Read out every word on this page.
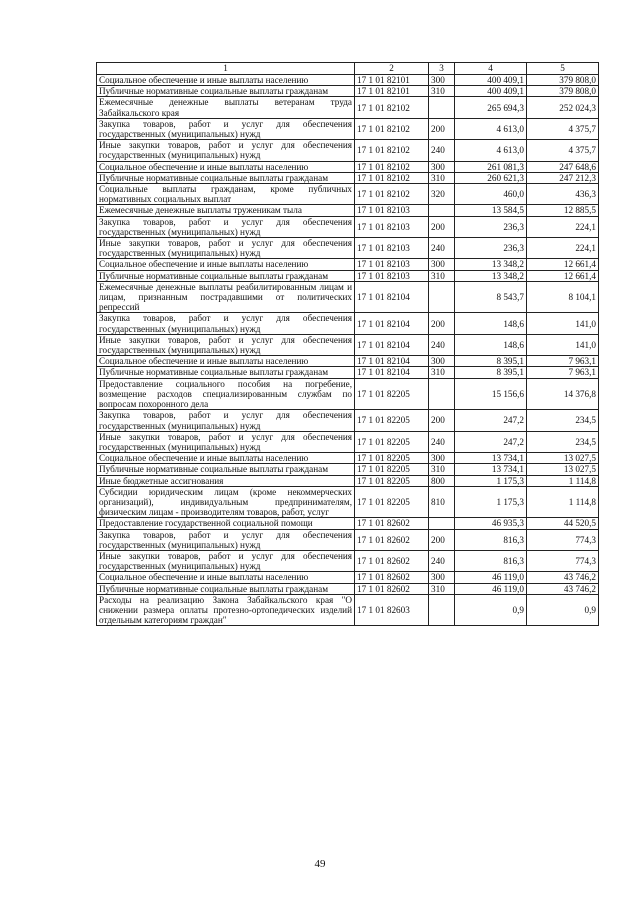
1	2	3	4	5
Социальное обеспечение и иные выплаты населению	17 1 01 82101	300	400 409,1	379 808,0
Публичные нормативные социальные выплаты гражданам	17 1 01 82101	310	400 409,1	379 808,0
Ежемесячные денежные выплаты ветеранам труда Забайкальского края	17 1 01 82102		265 694,3	252 024,3
Закупка товаров, работ и услуг для обеспечения государственных (муниципальных) нужд	17 1 01 82102	200	4 613,0	4 375,7
Иные закупки товаров, работ и услуг для обеспечения государственных (муниципальных) нужд	17 1 01 82102	240	4 613,0	4 375,7
Социальное обеспечение и иные выплаты населению	17 1 01 82102	300	261 081,3	247 648,6
Публичные нормативные социальные выплаты гражданам	17 1 01 82102	310	260 621,3	247 212,3
Социальные выплаты гражданам, кроме публичных нормативных социальных выплат	17 1 01 82102	320	460,0	436,3
Ежемесячные денежные выплаты труженикам тыла	17 1 01 82103		13 584,5	12 885,5
Закупка товаров, работ и услуг для обеспечения государственных (муниципальных) нужд	17 1 01 82103	200	236,3	224,1
Иные закупки товаров, работ и услуг для обеспечения государственных (муниципальных) нужд	17 1 01 82103	240	236,3	224,1
Социальное обеспечение и иные выплаты населению	17 1 01 82103	300	13 348,2	12 661,4
Публичные нормативные социальные выплаты гражданам	17 1 01 82103	310	13 348,2	12 661,4
Ежемесячные денежные выплаты реабилитированным лицам и лицам, признанным пострадавшими от политических репрессий	17 1 01 82104		8 543,7	8 104,1
Закупка товаров, работ и услуг для обеспечения государственных (муниципальных) нужд	17 1 01 82104	200	148,6	141,0
Иные закупки товаров, работ и услуг для обеспечения государственных (муниципальных) нужд	17 1 01 82104	240	148,6	141,0
Социальное обеспечение и иные выплаты населению	17 1 01 82104	300	8 395,1	7 963,1
Публичные нормативные социальные выплаты гражданам	17 1 01 82104	310	8 395,1	7 963,1
Предоставление социального пособия на погребение, возмещение расходов специализированным службам по вопросам похоронного дела	17 1 01 82205		15 156,6	14 376,8
Закупка товаров, работ и услуг для обеспечения государственных (муниципальных) нужд	17 1 01 82205	200	247,2	234,5
Иные закупки товаров, работ и услуг для обеспечения государственных (муниципальных) нужд	17 1 01 82205	240	247,2	234,5
Социальное обеспечение и иные выплаты населению	17 1 01 82205	300	13 734,1	13 027,5
Публичные нормативные социальные выплаты гражданам	17 1 01 82205	310	13 734,1	13 027,5
Иные бюджетные ассигнования	17 1 01 82205	800	1 175,3	1 114,8
Субсидии юридическим лицам (кроме некоммерческих организаций), индивидуальным предпринимателям, физическим лицам - производителям товаров, работ, услуг	17 1 01 82205	810	1 175,3	1 114,8
Предоставление государственной социальной помощи	17 1 01 82602		46 935,3	44 520,5
Закупка товаров, работ и услуг для обеспечения государственных (муниципальных) нужд	17 1 01 82602	200	816,3	774,3
Иные закупки товаров, работ и услуг для обеспечения государственных (муниципальных) нужд	17 1 01 82602	240	816,3	774,3
Социальное обеспечение и иные выплаты населению	17 1 01 82602	300	46 119,0	43 746,2
Публичные нормативные социальные выплаты гражданам	17 1 01 82602	310	46 119,0	43 746,2
Расходы на реализацию Закона Забайкальского края "О снижении размера оплаты протезно-ортопедических изделий отдельным категориям граждан"	17 1 01 82603		0,9	0,9
49
